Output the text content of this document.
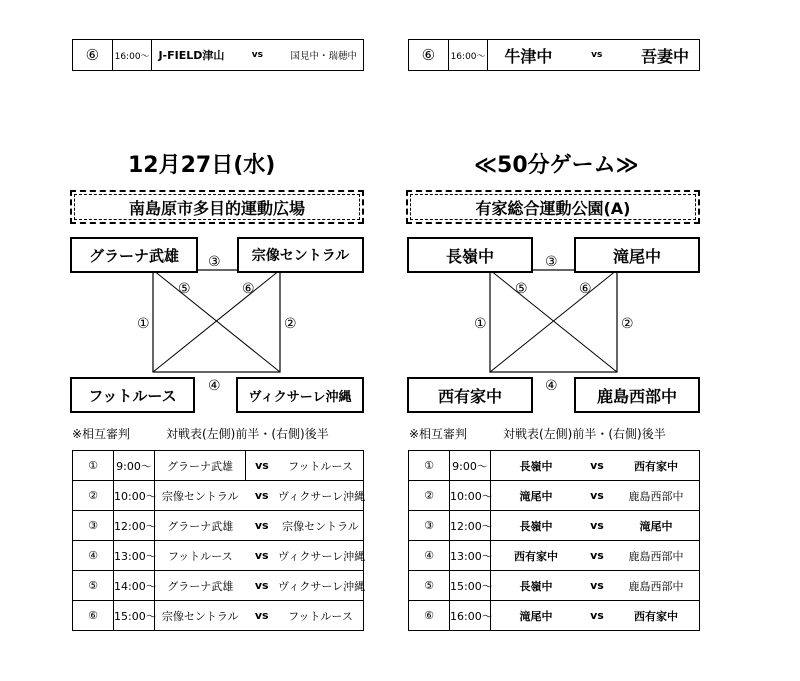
⑥	16:00～ J-FIELD津山	vs	国見中・瑞穂中	⑥	16:00～ 牛津中	vs 吾妻中
12月27日(水)
南島原市多目的運動広場
グラーナ武雄	宗像セントラル
フットルース	ヴィクサーレ沖縄
③
⑤	⑥
①	②
④
※相互審判	対戦表(左側)前半・(右側)後半
①	9:00～	グラーナ武雄	vs	フットルース
②	10:00～	宗像セントラル	vs	ヴィクサーレ沖縄
③	12:00～	グラーナ武雄	vs	宗像セントラル
④	13:00～	フットルース	vs	ヴィクサーレ沖縄
⑤	14:00～	グラーナ武雄	vs	ヴィクサーレ沖縄
⑥	15:00～	宗像セントラル	vs	フットルース
≪50分ゲーム≫
有家総合運動公園(A)
長嶺中	滝尾中
西有家中	鹿島西部中
③
⑤	⑥
①	②
④
※相互審判	対戦表(左側)前半・(右側)後半
①	9:00～	長嶺中	vs	西有家中
②	10:00～	滝尾中	vs	鹿島西部中
③	12:00～	長嶺中	vs	滝尾中
④	13:00～	西有家中	vs	鹿島西部中
⑤	15:00～	長嶺中	vs	鹿島西部中
⑥	16:00～	滝尾中	vs	西有家中
